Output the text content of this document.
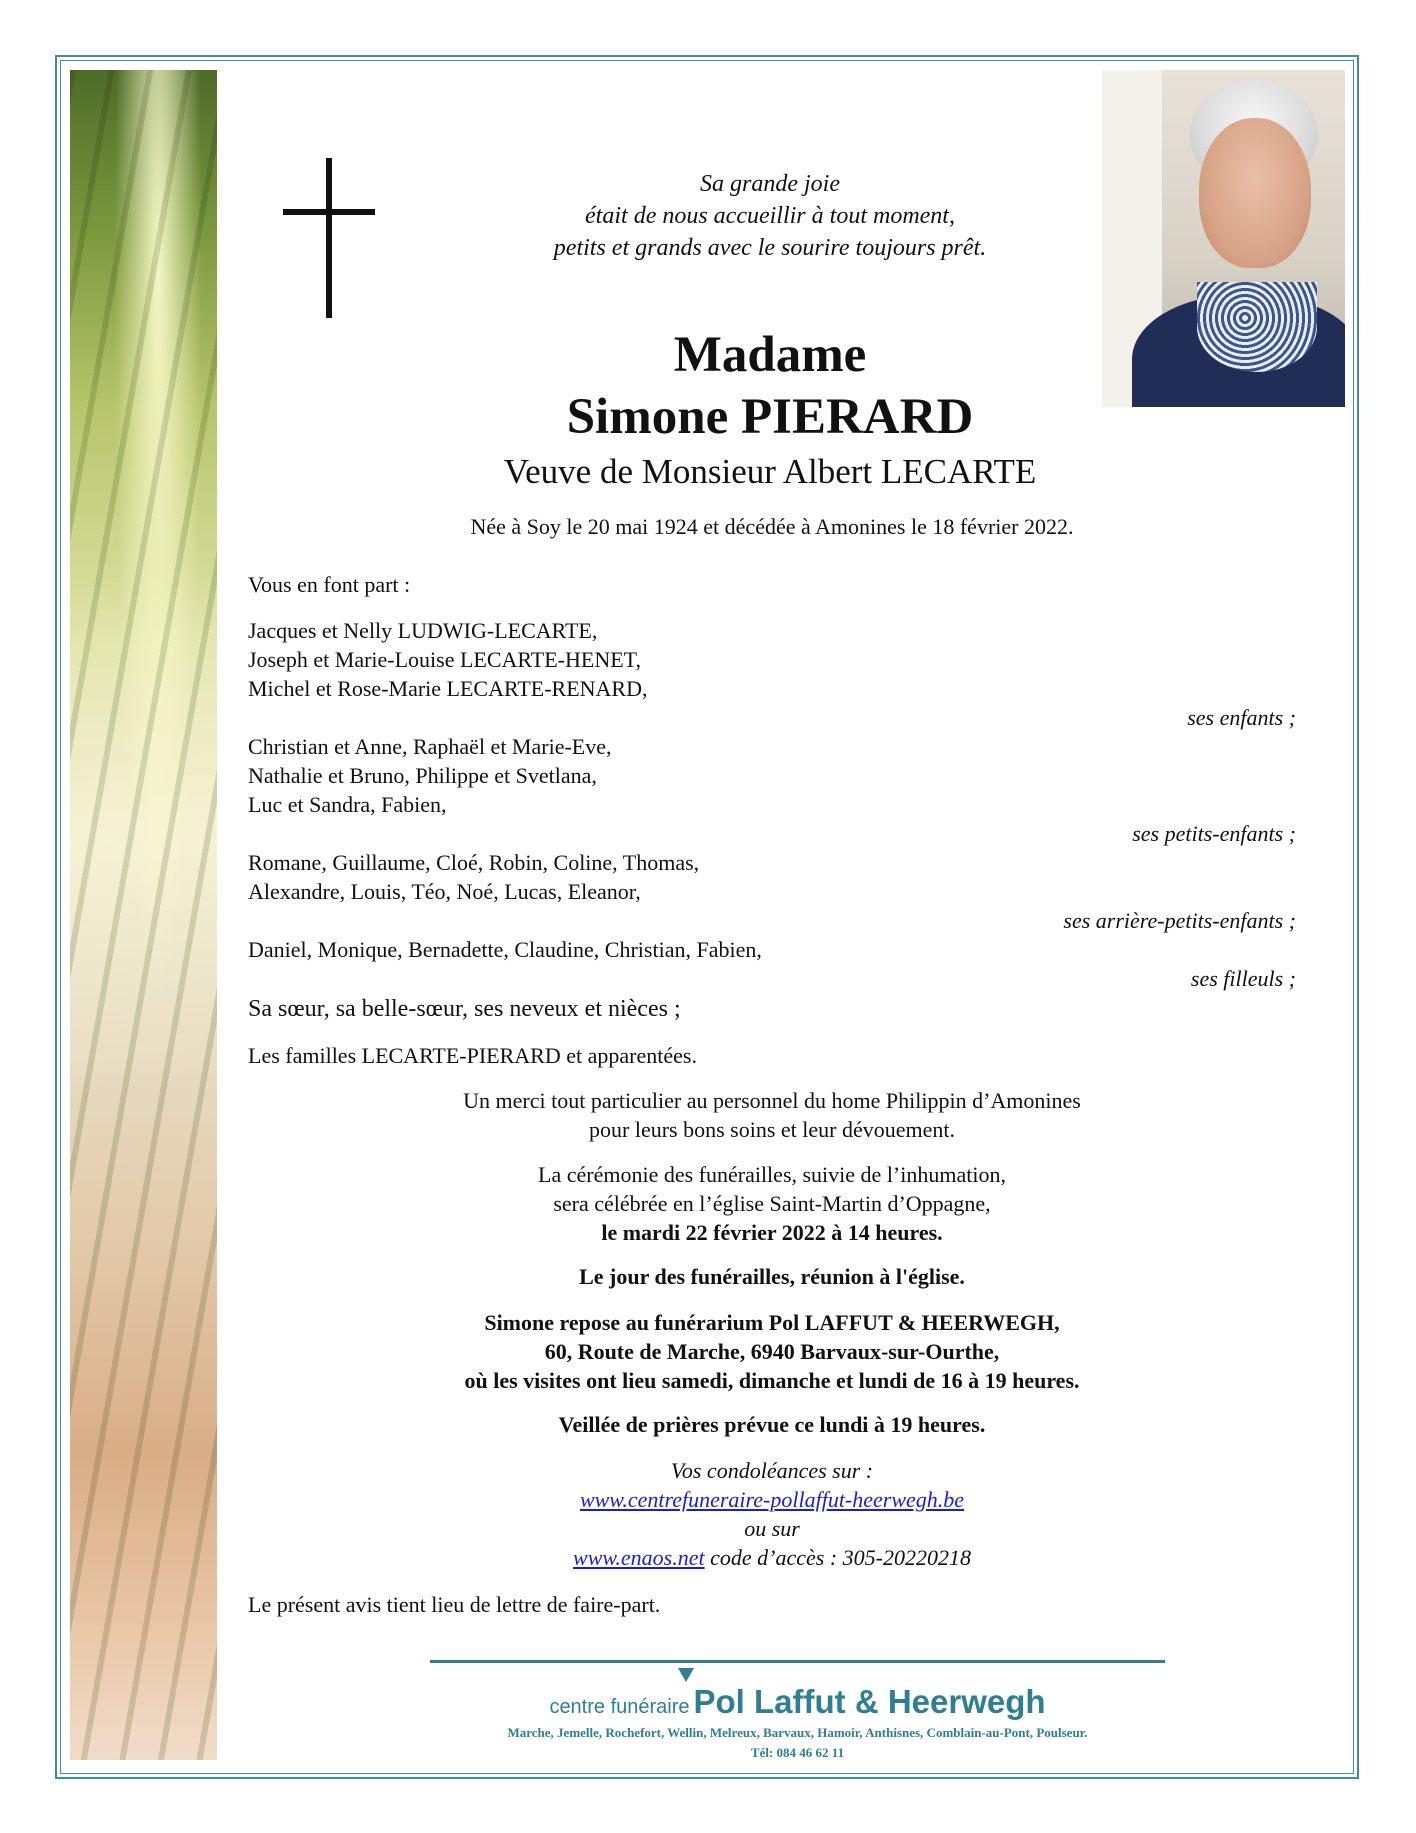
Sa grande joie
était de nous accueillir à tout moment,
petits et grands avec le sourire toujours prêt.
Madame
Simone PIERARD
Veuve de Monsieur Albert LECARTE
Née à Soy le 20 mai 1924 et décédée à Amonines le 18 février 2022.
Vous en font part :
Jacques et Nelly LUDWIG-LECARTE,
Joseph et Marie-Louise LECARTE-HENET,
Michel et Rose-Marie LECARTE-RENARD,
ses enfants ;
Christian et Anne, Raphaël et Marie-Eve,
Nathalie et Bruno, Philippe et Svetlana,
Luc et Sandra, Fabien,
ses petits-enfants ;
Romane, Guillaume, Cloé, Robin, Coline, Thomas,
Alexandre, Louis, Téo, Noé, Lucas, Eleanor,
ses arrière-petits-enfants ;
Daniel, Monique, Bernadette, Claudine, Christian, Fabien,
ses filleuls ;
Sa sœur, sa belle-sœur, ses neveux et nièces ;
Les familles LECARTE-PIERARD et apparentées.
Un merci tout particulier au personnel du home Philippin d’Amonines
pour leurs bons soins et leur dévouement.
La cérémonie des funérailles, suivie de l’inhumation,
sera célébrée en l’église Saint-Martin d’Oppagne,
le mardi 22 février 2022 à 14 heures.
Le jour des funérailles, réunion à l'église.
Simone repose au funérarium Pol LAFFUT & HEERWEGH,
60, Route de Marche, 6940 Barvaux-sur-Ourthe,
où les visites ont lieu samedi, dimanche et lundi de 16 à 19 heures.
Veillée de prières prévue ce lundi à 19 heures.
Vos condoléances sur :
www.centrefuneraire-pollaffut-heerwegh.be
ou sur
www.enaos.net code d’accès : 305-20220218
Le présent avis tient lieu de lettre de faire-part.
centre funéraire Pol Laffut & Heerwegh
Marche, Jemelle, Rochefort, Wellin, Melreux, Barvaux, Hamoir, Anthisnes, Comblain-au-Pont, Poulseur.
Tél: 084 46 62 11
